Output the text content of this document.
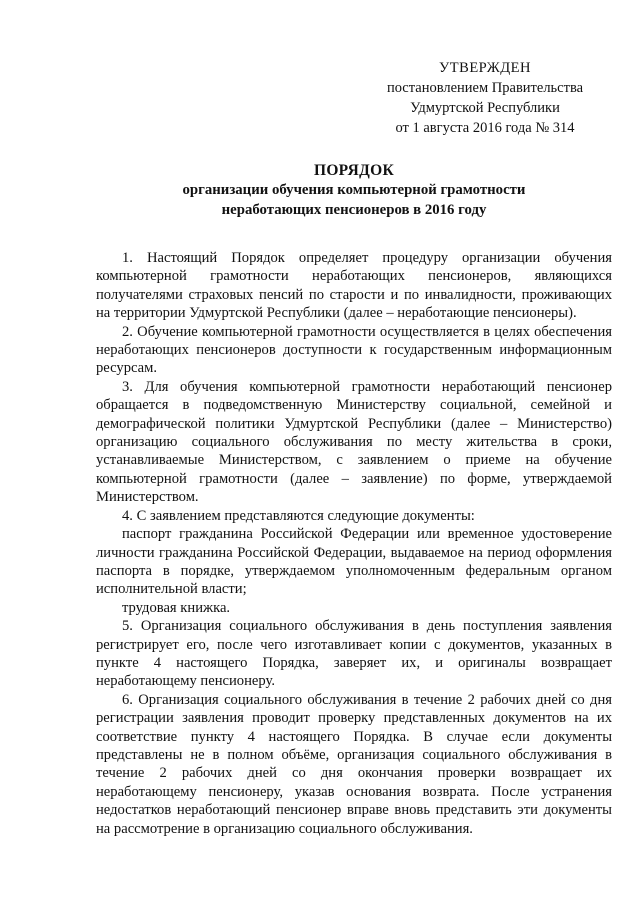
УТВЕРЖДЕН
постановлением Правительства
Удмуртской Республики
от 1 августа 2016 года № 314
ПОРЯДОК
организации обучения компьютерной грамотности
неработающих пенсионеров в 2016 году

1. Настоящий Порядок определяет процедуру организации обучения компьютерной грамотности неработающих пенсионеров, являющихся получателями страховых пенсий по старости и по инвалидности, проживающих на территории Удмуртской Республики (далее – неработающие пенсионеры).

2. Обучение компьютерной грамотности осуществляется в целях обеспечения неработающих пенсионеров доступности к государственным информационным ресурсам.

3. Для обучения компьютерной грамотности неработающий пенсионер обращается в подведомственную Министерству социальной, семейной и демографической политики Удмуртской Республики (далее – Министерство) организацию социального обслуживания по месту жительства в сроки, устанавливаемые Министерством, с заявлением о приеме на обучение компьютерной грамотности (далее – заявление) по форме, утверждаемой Министерством.

4. С заявлением представляются следующие документы:

паспорт гражданина Российской Федерации или временное удостоверение личности гражданина Российской Федерации, выдаваемое на период оформления паспорта в порядке, утверждаемом уполномоченным федеральным органом исполнительной власти;

трудовая книжка.

5. Организация социального обслуживания в день поступления заявления регистрирует его, после чего изготавливает копии с документов, указанных в пункте 4 настоящего Порядка, заверяет их, и оригиналы возвращает неработающему пенсионеру.

6. Организация социального обслуживания в течение 2 рабочих дней со дня регистрации заявления проводит проверку представленных документов на их соответствие пункту 4 настоящего Порядка. В случае если документы представлены не в полном объёме, организация социального обслуживания в течение 2 рабочих дней со дня окончания проверки возвращает их неработающему пенсионеру, указав основания возврата. После устранения недостатков неработающий пенсионер вправе вновь представить эти документы на рассмотрение в организацию социального обслуживания.
